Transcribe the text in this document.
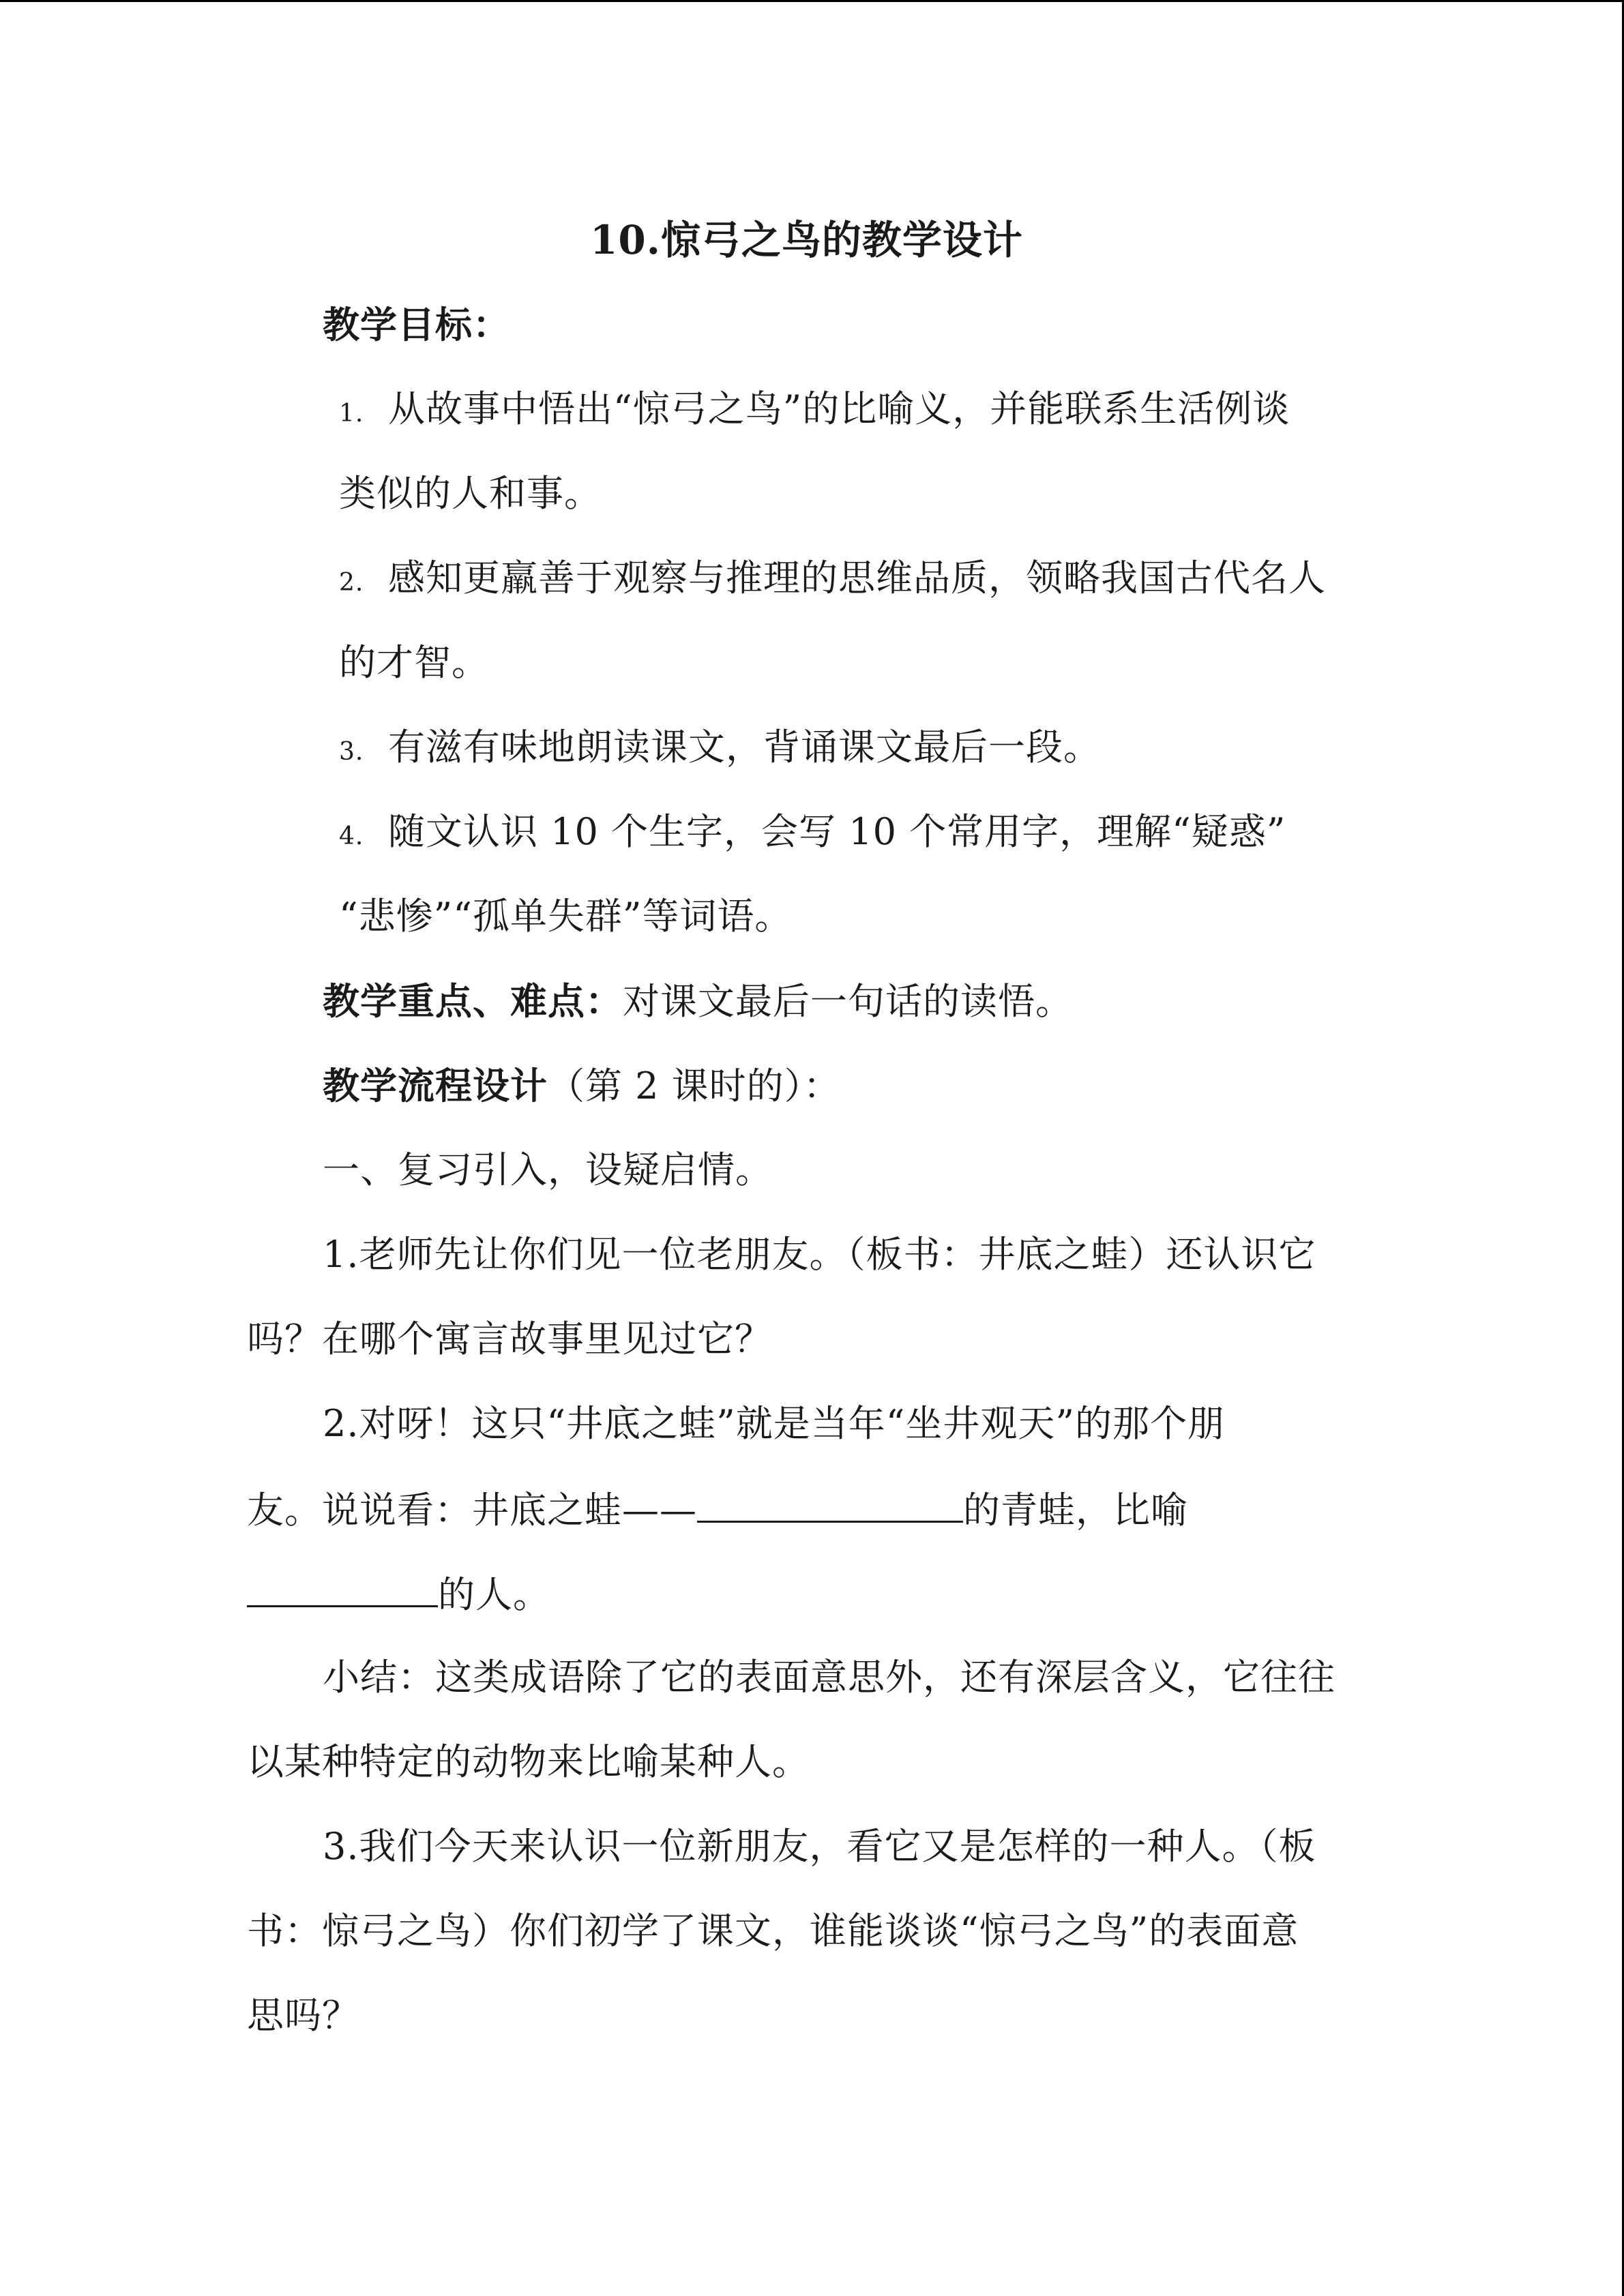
10.惊弓之鸟的教学设计
教学目标：
1. 从故事中悟出“惊弓之鸟”的比喻义，并能联系生活例谈
类似的人和事。
2. 感知更羸善于观察与推理的思维品质，领略我国古代名人
的才智。
3. 有滋有味地朗读课文，背诵课文最后一段。
4. 随文认识 10 个生字，会写 10 个常用字，理解“疑惑”
“悲惨”“孤单失群”等词语。
教学重点、难点：对课文最后一句话的读悟。
教学流程设计（第 2 课时的）：
一、复习引入，设疑启情。
1.老师先让你们见一位老朋友。（板书：井底之蛙）还认识它
吗？在哪个寓言故事里见过它？
2.对呀！这只“井底之蛙”就是当年“坐井观天”的那个朋
友。说说看：井底之蛙——	的青蛙，比喻
的人。
小结：这类成语除了它的表面意思外，还有深层含义，它往往
以某种特定的动物来比喻某种人。
3.我们今天来认识一位新朋友，看它又是怎样的一种人。（板
书：惊弓之鸟）你们初学了课文，谁能谈谈“惊弓之鸟”的表面意
思吗？
